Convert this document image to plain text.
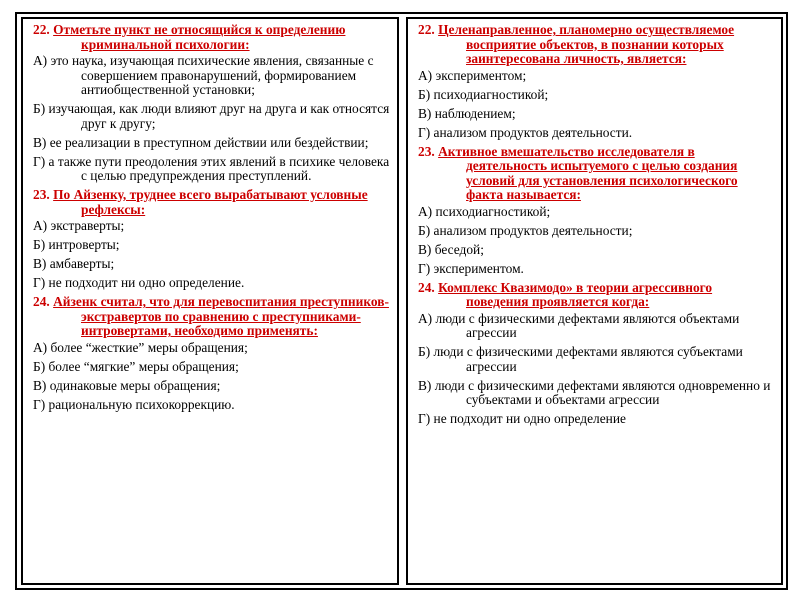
22. Отметьте пункт не относящийся к определению криминальной психологии:

А) это наука, изучающая психические явления, связанные с совершением правонарушений, формированием антиобщественной установки;

Б) изучающая, как люди влияют друг на друга и как относятся друг к другу;

В) ее реализации в преступном действии или бездействии;

Г) а также пути преодоления этих явлений в психике человека с целью предупреждения преступлений.

23. По Айзенку, труднее всего вырабатывают условные рефлексы:

А) экстраверты;

Б) интроверты;

В) амбаверты;

Г) не подходит ни одно определение.

24. Айзенк считал, что для перевоспитания преступников-экстравертов по сравнению с преступниками-интровертами, необходимо применять:

А) более “жесткие” меры обращения;

Б) более “мягкие” меры обращения;

В) одинаковые меры обращения;

Г) рациональную психокоррекцию.

22. Целенаправленное, планомерно осуществляемое восприятие объектов, в познании которых заинтересована личность, является:

А) экспериментом;

Б) психодиагностикой;

В) наблюдением;

Г) анализом продуктов деятельности.

23. Активное вмешательство исследователя в деятельность испытуемого с целью создания условий для установления психологического факта называется:

А) психодиагностикой;

Б) анализом продуктов деятельности;

В) беседой;

Г) экспериментом.

24. Комплекс Квазимодо» в теории агрессивного поведения проявляется когда:

А) люди с физическими дефектами являются объектами агрессии

Б) люди с физическими дефектами являются субъектами агрессии

В) люди с физическими дефектами являются одновременно и субъектами и объектами агрессии

Г) не подходит ни одно определение
